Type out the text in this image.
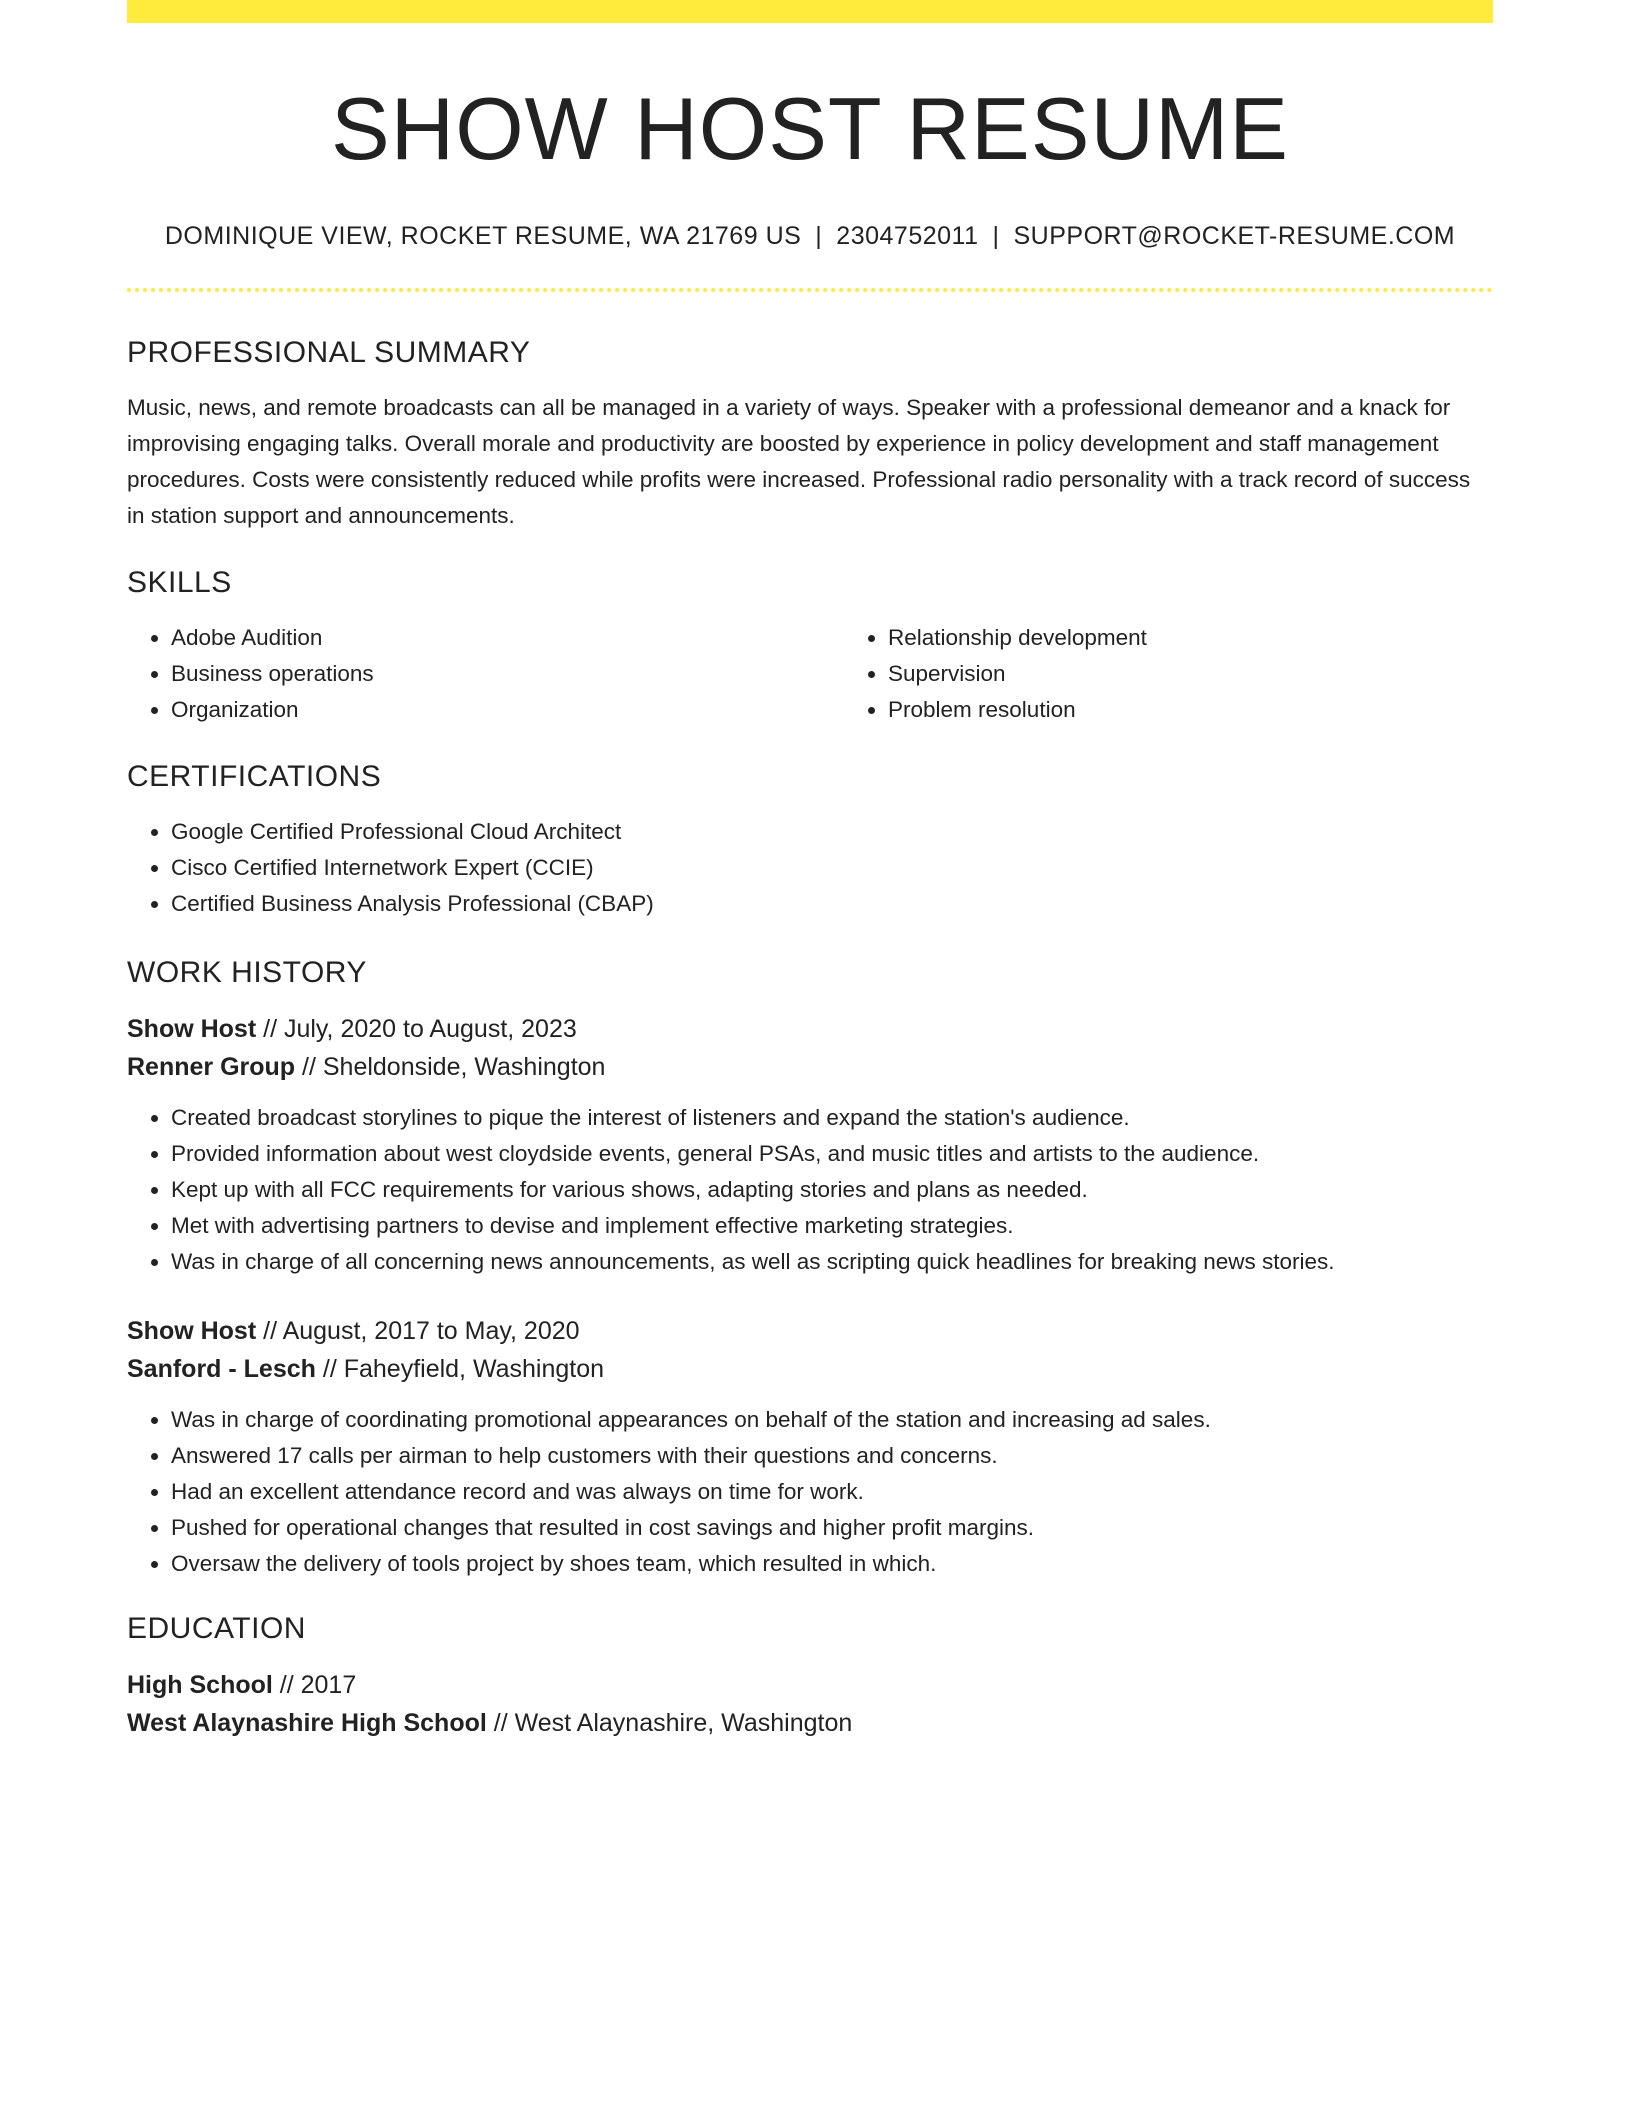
SHOW HOST RESUME
DOMINIQUE VIEW, ROCKET RESUME, WA 21769 US | 2304752011 | SUPPORT@ROCKET-RESUME.COM
PROFESSIONAL SUMMARY

Music, news, and remote broadcasts can all be managed in a variety of ways. Speaker with a professional demeanor and a knack for improvising engaging talks. Overall morale and productivity are boosted by experience in policy development and staff management procedures. Costs were consistently reduced while profits were increased. Professional radio personality with a track record of success in station support and announcements.

SKILLS
• Adobe Audition
• Business operations
• Organization
• Relationship development
• Supervision
• Problem resolution
CERTIFICATIONS
• Google Certified Professional Cloud Architect
• Cisco Certified Internetwork Expert (CCIE)
• Certified Business Analysis Professional (CBAP)
WORK HISTORY
Show Host // July, 2020 to August, 2023
Renner Group // Sheldonside, Washington
• Created broadcast storylines to pique the interest of listeners and expand the station's audience.
• Provided information about west cloydside events, general PSAs, and music titles and artists to the audience.
• Kept up with all FCC requirements for various shows, adapting stories and plans as needed.
• Met with advertising partners to devise and implement effective marketing strategies.
• Was in charge of all concerning news announcements, as well as scripting quick headlines for breaking news stories.
Show Host // August, 2017 to May, 2020
Sanford - Lesch // Faheyfield, Washington
• Was in charge of coordinating promotional appearances on behalf of the station and increasing ad sales.
• Answered 17 calls per airman to help customers with their questions and concerns.
• Had an excellent attendance record and was always on time for work.
• Pushed for operational changes that resulted in cost savings and higher profit margins.
• Oversaw the delivery of tools project by shoes team, which resulted in which.
EDUCATION
High School // 2017
West Alaynashire High School // West Alaynashire, Washington
